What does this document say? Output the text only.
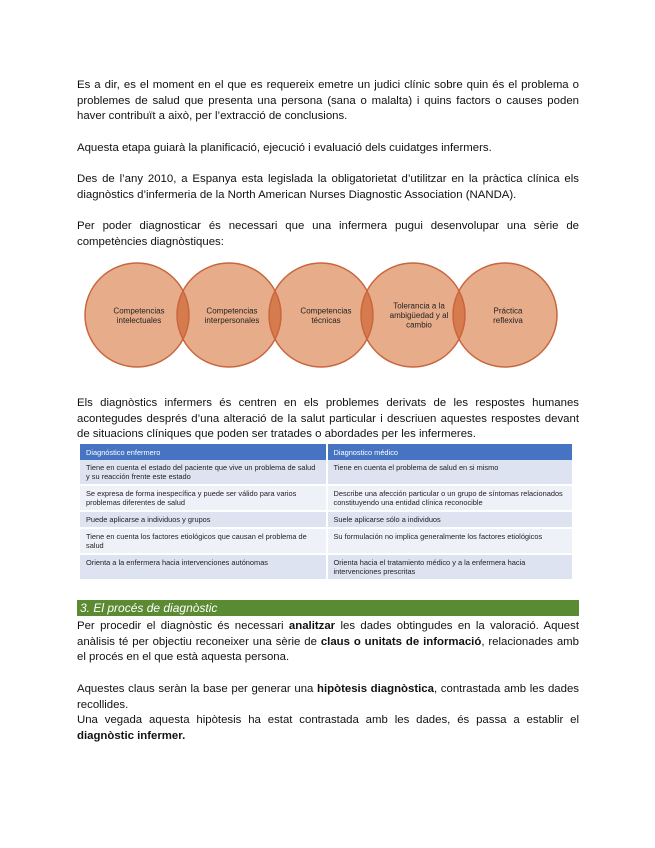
Es a dir, es el moment en el que es requereix emetre un judici clínic sobre quin és el problema o problemes de salud que presenta una persona (sana o malalta) i quins factors o causes poden haver contribuït a això, per l’extracció de conclusions.

Aquesta etapa guiarà la planificació, ejecució i evaluació dels cuidatges infermers.

Des de l’any 2010, a Espanya esta legislada la obligatorietat d’utilitzar en la pràctica clínica els diagnòstics d’infermeria de la North American Nurses Diagnostic Association (NANDA).

Per poder diagnosticar és necessari que una infermera pugui desenvolupar una sèrie de competències diagnòstiques:

Competencias intelectuales
Competencias interpersonales
Competencias técnicas
Tolerancia a la ambigüedad y al cambio
Práctica reflexiva

Els diagnòstics infermers és centren en els problemes derivats de les respostes humanes acontegudes després d’una alteració de la salut particular i descriuen aquestes respostes devant de situacions clíniques que poden ser tratades o abordades per les infermeres.

Diagnóstico enfermero	Diagnostico médico
Tiene en cuenta el estado del paciente que vive un problema de salud y su reacción frente este estado	Tiene en cuenta el problema de salud en si mismo
Se expresa de forma inespecífica y puede ser válido para varios problemas diferentes de salud	Describe una afección particular o un grupo de síntomas relacionados constituyendo una entidad clínica reconocible
Puede aplicarse a individuos y grupos	Suele aplicarse sólo a individuos
Tiene en cuenta los factores etiológicos que causan el problema de salud	Su formulación no implica generalmente los factores etiológicos
Orienta a la enfermera hacia intervenciones autónomas	Orienta hacia el tratamiento médico y a la enfermera hacia intervenciones prescritas
3. El procés de diagnòstic

Per procedir el diagnòstic és necessari analitzar les dades obtingudes en la valoració. Aquest anàlisis té per objectiu reconeixer una sèrie de claus o unitats de informació, relacionades amb el procés en el que està aquesta persona.

Aquestes claus seràn la base per generar una hipòtesis diagnòstica, contrastada amb les dades recollides.

Una vegada aquesta hipòtesis ha estat contrastada amb les dades, és passa a establir el diagnòstic infermer.
